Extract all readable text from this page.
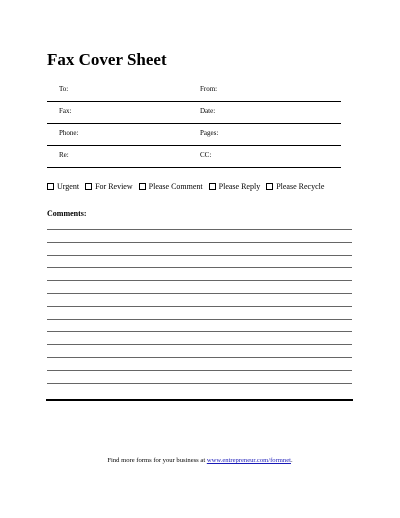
Fax Cover Sheet
To:	From:
Fax:	Date:
Phone:	Pages:
Re:	CC:
Urgent For Review Please Comment Please Reply Please Recycle
Comments:
Find more forms for your business at www.entrepreneur.com/formnet.
